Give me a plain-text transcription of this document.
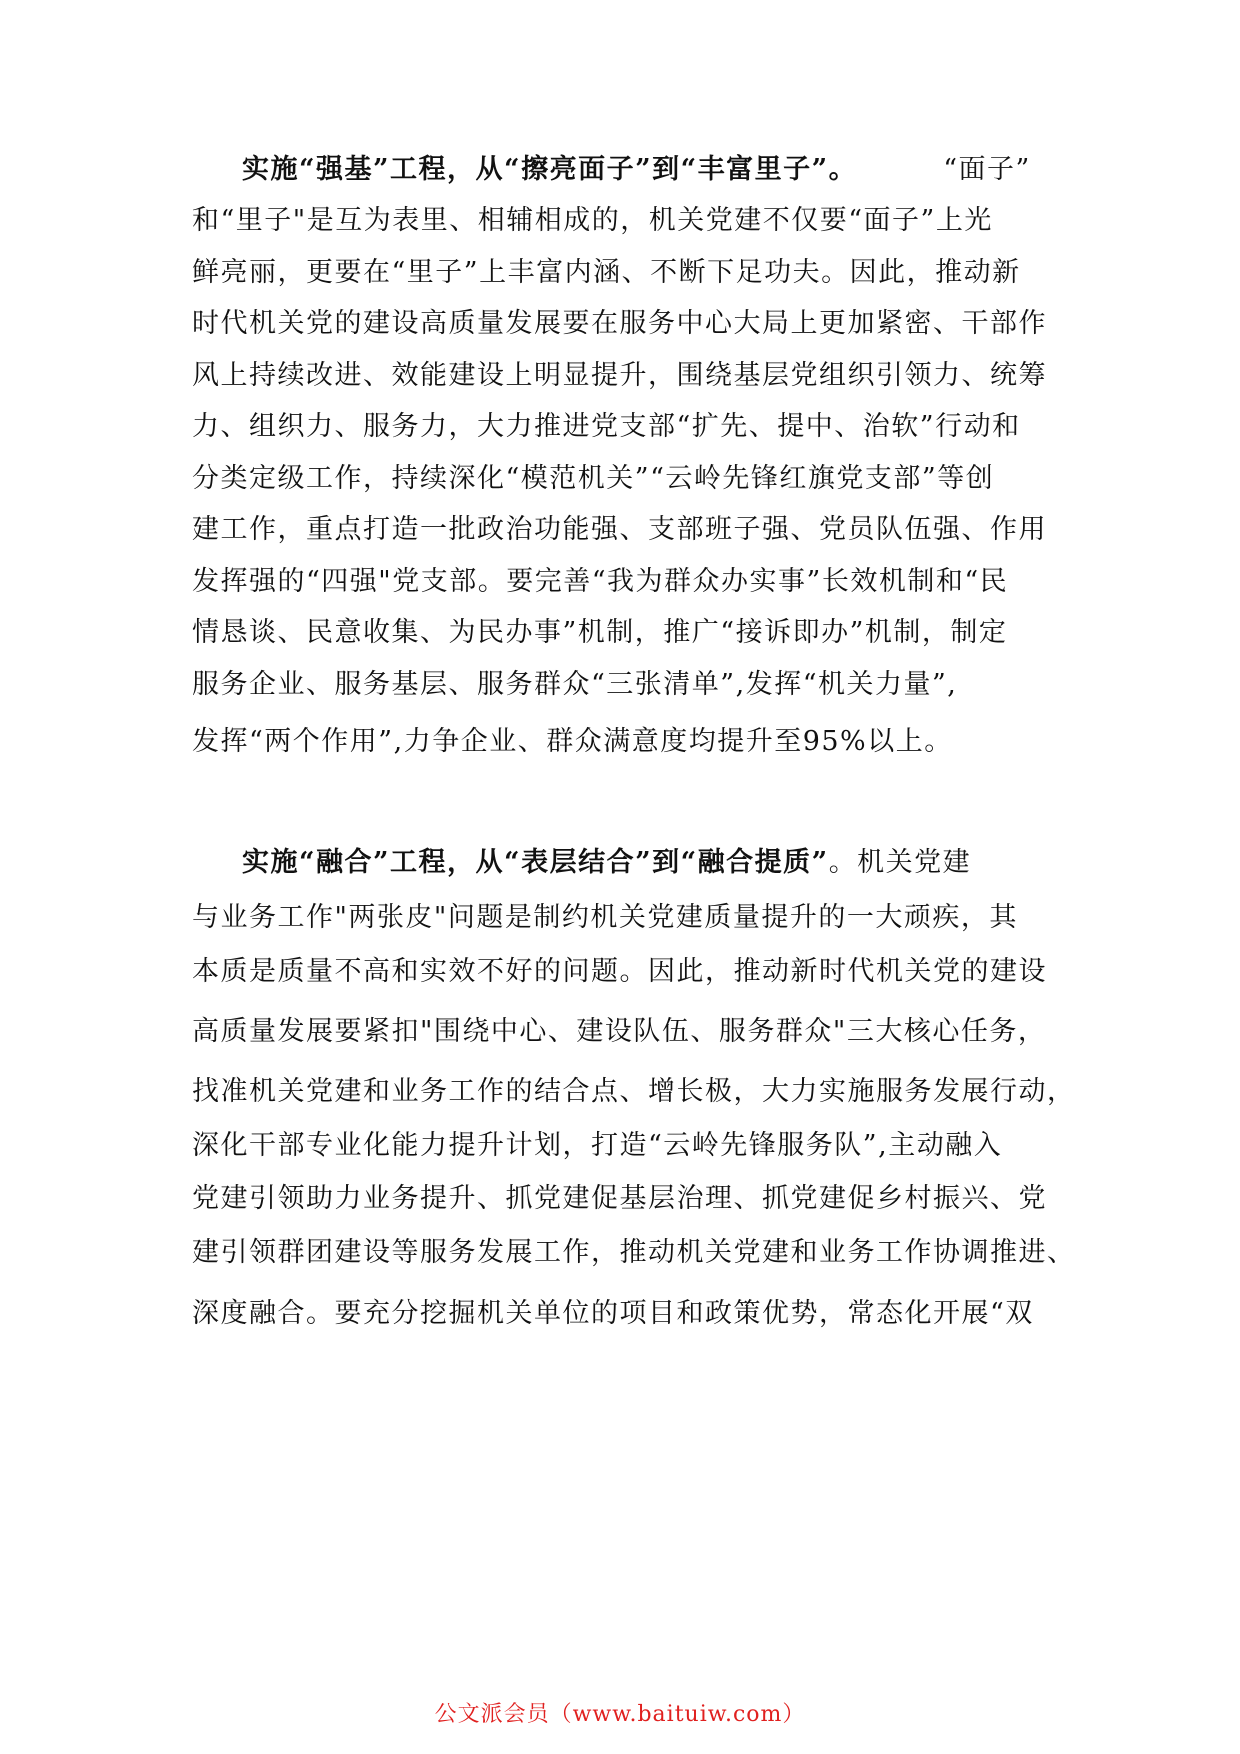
实施“强基”工程，从“擦亮面子”到“丰富里子”。	“面子”
和“里子"是互为表里、相辅相成的，机关党建不仅要“面子”上光
鲜亮丽，更要在“里子”上丰富内涵、不断下足功夫。因此，推动新
时代机关党的建设高质量发展要在服务中心大局上更加紧密、干部作
风上持续改进、效能建设上明显提升，围绕基层党组织引领力、统筹
力、组织力、服务力，大力推进党支部“扩先、提中、治软”行动和
分类定级工作，持续深化“模范机关”“云岭先锋红旗党支部”等创
建工作，重点打造一批政治功能强、支部班子强、党员队伍强、作用
发挥强的“四强"党支部。要完善“我为群众办实事”长效机制和“民
情恳谈、民意收集、为民办事”机制，推广“接诉即办”机制，制定
服务企业、服务基层、服务群众“三张清单”,发挥“机关力量”,
发挥“两个作用”,力争企业、群众满意度均提升至95%以上。
实施“融合”工程，从“表层结合”到“融合提质”。机关党建
与业务工作"两张皮"问题是制约机关党建质量提升的一大顽疾，其
本质是质量不高和实效不好的问题。因此，推动新时代机关党的建设
高质量发展要紧扣"围绕中心、建设队伍、服务群众"三大核心任务，
找准机关党建和业务工作的结合点、增长极，大力实施服务发展行动，
深化干部专业化能力提升计划，打造“云岭先锋服务队”,主动融入
党建引领助力业务提升、抓党建促基层治理、抓党建促乡村振兴、党
建引领群团建设等服务发展工作，推动机关党建和业务工作协调推进、
深度融合。要充分挖掘机关单位的项目和政策优势，常态化开展“双
公文派会员（www.baituiw.com）
